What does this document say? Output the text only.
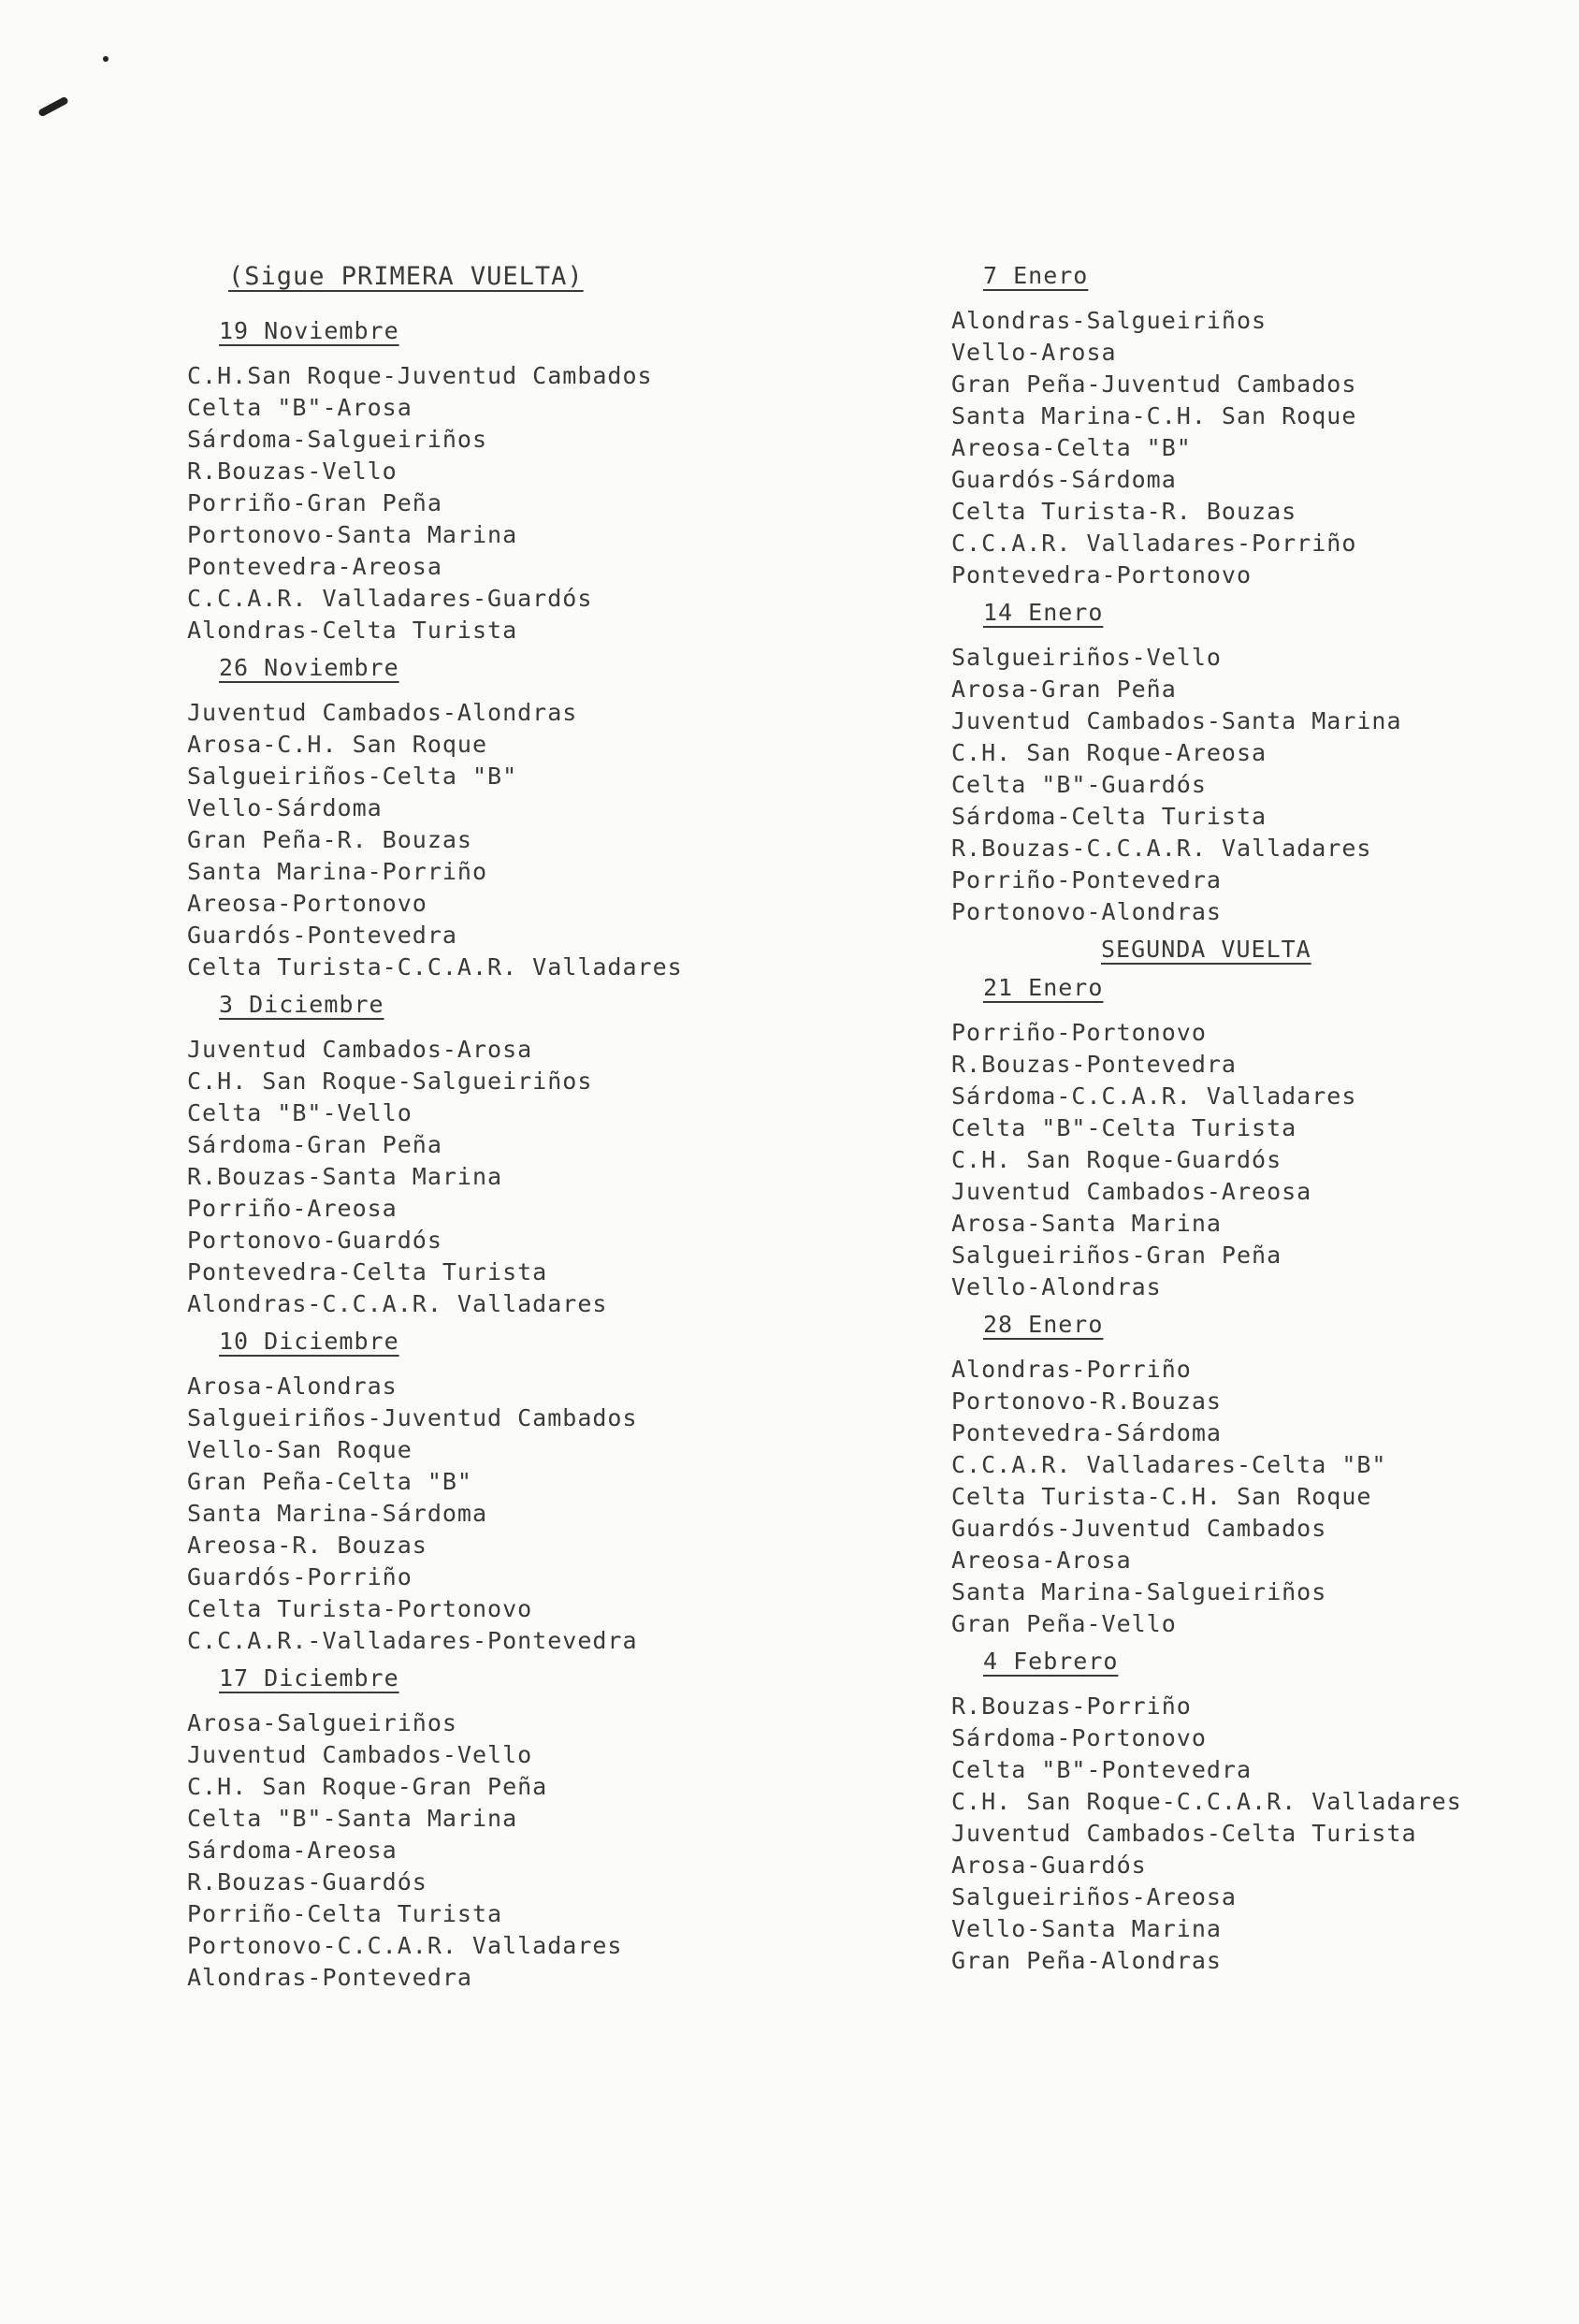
(Sigue PRIMERA VUELTA)
19 Noviembre
C.H.San Roque-Juventud Cambados
Celta "B"-Arosa
Sárdoma-Salgueiriños
R.Bouzas-Vello
Porriño-Gran Peña
Portonovo-Santa Marina
Pontevedra-Areosa
C.C.A.R. Valladares-Guardós
Alondras-Celta Turista
26 Noviembre
Juventud Cambados-Alondras
Arosa-C.H. San Roque
Salgueiriños-Celta "B"
Vello-Sárdoma
Gran Peña-R. Bouzas
Santa Marina-Porriño
Areosa-Portonovo
Guardós-Pontevedra
Celta Turista-C.C.A.R. Valladares
3 Diciembre
Juventud Cambados-Arosa
C.H. San Roque-Salgueiriños
Celta "B"-Vello
Sárdoma-Gran Peña
R.Bouzas-Santa Marina
Porriño-Areosa
Portonovo-Guardós
Pontevedra-Celta Turista
Alondras-C.C.A.R. Valladares
10 Diciembre
Arosa-Alondras
Salgueiriños-Juventud Cambados
Vello-San Roque
Gran Peña-Celta "B"
Santa Marina-Sárdoma
Areosa-R. Bouzas
Guardós-Porriño
Celta Turista-Portonovo
C.C.A.R.-Valladares-Pontevedra
17 Diciembre
Arosa-Salgueiriños
Juventud Cambados-Vello
C.H. San Roque-Gran Peña
Celta "B"-Santa Marina
Sárdoma-Areosa
R.Bouzas-Guardós
Porriño-Celta Turista
Portonovo-C.C.A.R. Valladares
Alondras-Pontevedra
7 Enero
Alondras-Salgueiriños
Vello-Arosa
Gran Peña-Juventud Cambados
Santa Marina-C.H. San Roque
Areosa-Celta "B"
Guardós-Sárdoma
Celta Turista-R. Bouzas
C.C.A.R. Valladares-Porriño
Pontevedra-Portonovo
14 Enero
Salgueiriños-Vello
Arosa-Gran Peña
Juventud Cambados-Santa Marina
C.H. San Roque-Areosa
Celta "B"-Guardós
Sárdoma-Celta Turista
R.Bouzas-C.C.A.R. Valladares
Porriño-Pontevedra
Portonovo-Alondras
SEGUNDA VUELTA
21 Enero
Porriño-Portonovo
R.Bouzas-Pontevedra
Sárdoma-C.C.A.R. Valladares
Celta "B"-Celta Turista
C.H. San Roque-Guardós
Juventud Cambados-Areosa
Arosa-Santa Marina
Salgueiriños-Gran Peña
Vello-Alondras
28 Enero
Alondras-Porriño
Portonovo-R.Bouzas
Pontevedra-Sárdoma
C.C.A.R. Valladares-Celta "B"
Celta Turista-C.H. San Roque
Guardós-Juventud Cambados
Areosa-Arosa
Santa Marina-Salgueiriños
Gran Peña-Vello
4 Febrero
R.Bouzas-Porriño
Sárdoma-Portonovo
Celta "B"-Pontevedra
C.H. San Roque-C.C.A.R. Valladares
Juventud Cambados-Celta Turista
Arosa-Guardós
Salgueiriños-Areosa
Vello-Santa Marina
Gran Peña-Alondras
